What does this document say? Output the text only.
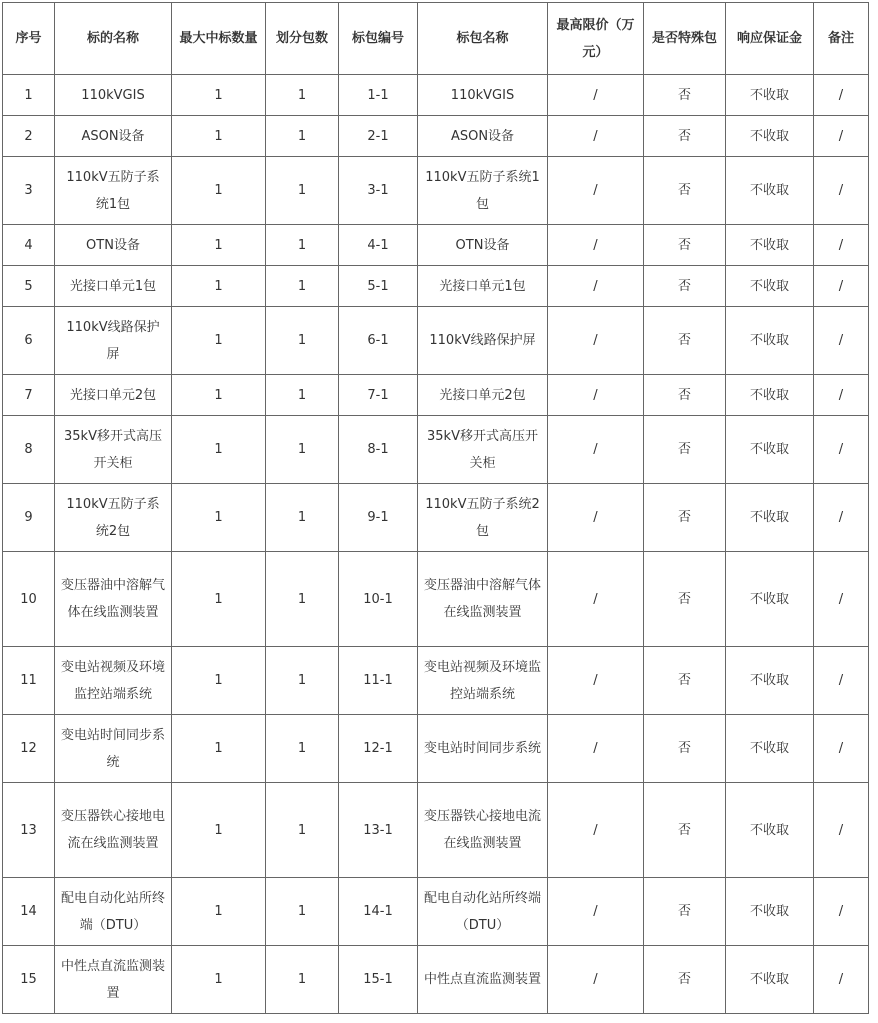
序号	标的名称	最大中标数量	划分包数	标包编号	标包名称	最高限价（万元）	是否特殊包	响应保证金	备注
1	110kVGIS	1	1	1-1	110kVGIS	/	否	不收取	/
2	ASON设备	1	1	2-1	ASON设备	/	否	不收取	/
3	110kV五防子系统1包	1	1	3-1	110kV五防子系统1包	/	否	不收取	/
4	OTN设备	1	1	4-1	OTN设备	/	否	不收取	/
5	光接口单元1包	1	1	5-1	光接口单元1包	/	否	不收取	/
6	110kV线路保护屏	1	1	6-1	110kV线路保护屏	/	否	不收取	/
7	光接口单元2包	1	1	7-1	光接口单元2包	/	否	不收取	/
8	35kV移开式高压开关柜	1	1	8-1	35kV移开式高压开关柜	/	否	不收取	/
9	110kV五防子系统2包	1	1	9-1	110kV五防子系统2包	/	否	不收取	/
10	变压器油中溶解气体在线监测装置	1	1	10-1	变压器油中溶解气体在线监测装置	/	否	不收取	/
11	变电站视频及环境监控站端系统	1	1	11-1	变电站视频及环境监控站端系统	/	否	不收取	/
12	变电站时间同步系统	1	1	12-1	变电站时间同步系统	/	否	不收取	/
13	变压器铁心接地电流在线监测装置	1	1	13-1	变压器铁心接地电流在线监测装置	/	否	不收取	/
14	配电自动化站所终端（DTU）	1	1	14-1	配电自动化站所终端（DTU）	/	否	不收取	/
15	中性点直流监测装置	1	1	15-1	中性点直流监测装置	/	否	不收取	/
